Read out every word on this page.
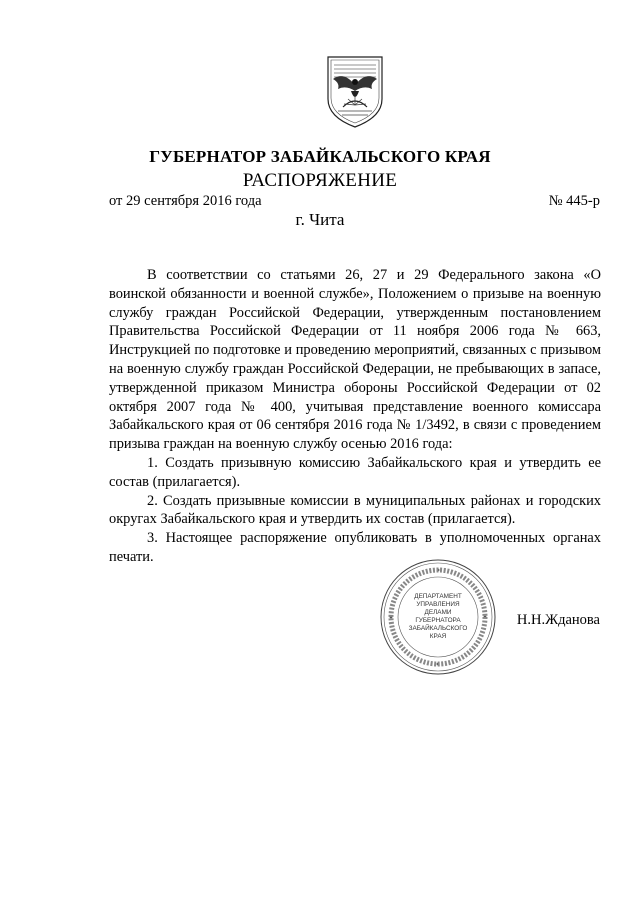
ГУБЕРНАТОР ЗАБАЙКАЛЬСКОГО КРАЯ
РАСПОРЯЖЕНИЕ
от 29 сентября 2016 года	№ 445-р
г. Чита

В соответствии со статьями 26, 27 и 29 Федерального закона «О воинской обязанности и военной службе», Положением о призыве на военную службу граждан Российской Федерации, утвержденным постановлением Правительства Российской Федерации от 11 ноября 2006 года № 663, Инструкцией по подготовке и проведению мероприятий, связанных с призывом на военную службу граждан Российской Федерации, не пребывающих в запасе, утвержденной приказом Министра обороны Российской Федерации от 02 октября 2007 года № 400, учитывая представление военного комиссара Забайкальского края от 06 сентября 2016 года № 1/3492, в связи с проведением призыва граждан на военную службу осенью 2016 года:

1. Создать призывную комиссию Забайкальского края и утвердить ее состав (прилагается).

2. Создать призывные комиссии в муниципальных районах и городских округах Забайкальского края и утвердить их состав (прилагается).

3. Настоящее распоряжение опубликовать в уполномоченных органах печати.

ДЕПАРТАМЕНТ
УПРАВЛЕНИЯ
ДЕЛАМИ
ГУБЕРНАТОРА
ЗАБАЙКАЛЬСКОГО
КРАЯ
Н.Н.Жданова
